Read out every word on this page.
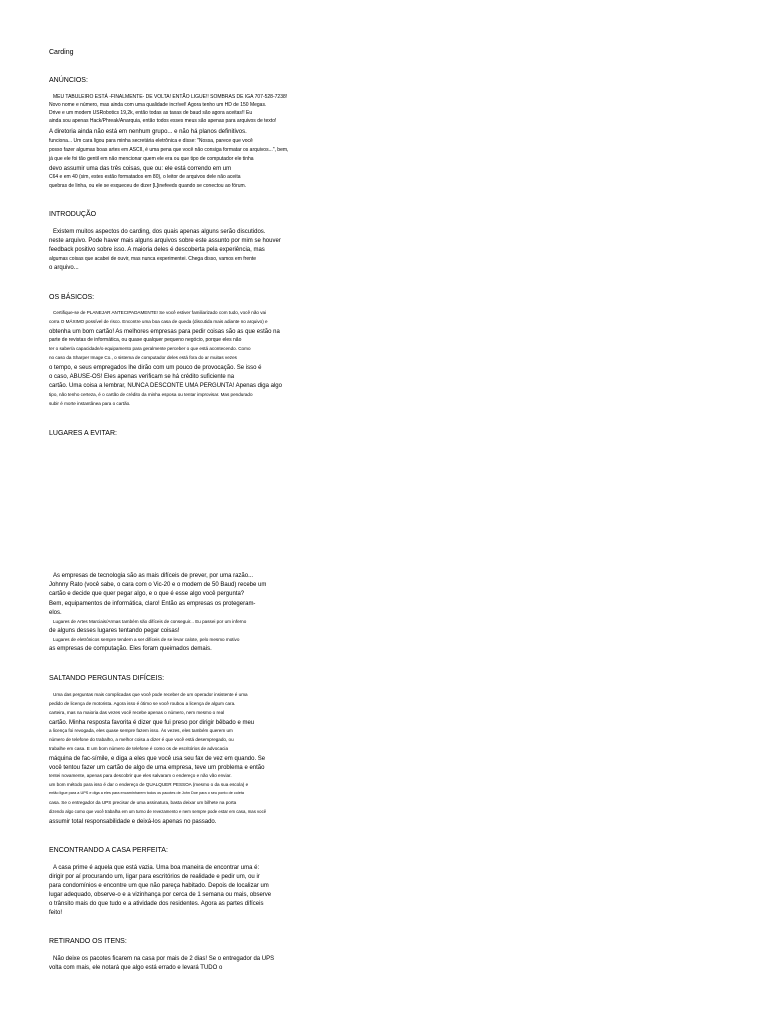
Carding
ANÚNCIOS:
MEU TABULEIRO ESTÁ -FINALMENTE- DE VOLTA! ENTÃO LIGUE!! SOMBRAS DE IGA 707-528-7238!
Novo nome e número, mas ainda com uma qualidade incrível! Agora tenho um HD de 150 Megas.
Drive e um modem USRobotics 19,2k, então todas as taxas de baud são agora aceitas!! Eu
ainda sou apenas Hack/Phreak/Anarquia, então todos esses meus são apenas para arquivos de texto!
A diretoria ainda não está em nenhum grupo... e não há planos definitivos.
funciona... Um cara ligou para minha secretária eletrônica e disse: "Nossa, parece que você
posso fazer algumas boas artes em ASCII, é uma pena que você não consiga formatar os arquivos...", bem,
já que ele foi tão gentil em não mencionar quem ele era ou que tipo de computador ele tinha
devo assumir uma das três coisas, que ou: ele está correndo em um
C64 e em 40 (sim, estes estão formatados em 80), o leitor de arquivos dele não aceita
quebras de linha, ou ele se esqueceu de dizer [L]inefeeds quando se conectou ao fórum.
INTRODUÇÃO
Existem muitos aspectos do carding, dos quais apenas alguns serão discutidos.
neste arquivo. Pode haver mais alguns arquivos sobre este assunto por mim se houver
feedback positivo sobre isso. A maioria deles é descoberta pela experiência, mas
algumas coisas que acabei de ouvir, mas nunca experimentei. Chega disso, vamos em frente
o arquivo...
OS BÁSICOS:
Certifique-se de PLANEJAR ANTECIPADAMENTE! Se você estiver familiarizado com tudo, você não vai
corra O MÁXIMO possível de risco. Encontre uma boa casa de queda (discutida mais adiante no arquivo) e
obtenha um bom cartão! As melhores empresas para pedir coisas são as que estão na
parte de revistas de informática, ou quase qualquer pequeno negócio, porque eles não
ter o saber/a capacidade/o equipamento para geralmente perceber o que está acontecendo. Como
no caso da Sharper Image Co., o sistema de computador deles está fora do ar muitas vezes
o tempo, e seus empregados lhe dirão com um pouco de provocação. Se isso é
o caso, ABUSE-OS! Eles apenas verificam se há crédito suficiente na
cartão. Uma coisa a lembrar, NUNCA DESCONTE UMA PERGUNTA! Apenas diga algo
tipo, não tenho certeza, é o cartão de crédito da minha esposa ou tentar improvisar. Mas pendurado
subir é morte instantânea para o cartão.
LUGARES A EVITAR:
As empresas de tecnologia são as mais difíceis de prever, por uma razão...
Johnny Rato (você sabe, o cara com o Vic-20 e o modem de 50 Baud) recebe um
cartão e decide que quer pegar algo, e o que é esse algo você pergunta?
Bem, equipamentos de informática, claro! Então as empresas os protegeram-
elos.
Lugares de Artes Marciais/Armas também são difíceis de conseguir... Eu passei por um inferno
de alguns desses lugares tentando pegar coisas!
Lugares de eletrônicos sempre tendem a ser difíceis de se levar calote, pelo mesmo motivo
as empresas de computação. Eles foram queimados demais.
SALTANDO PERGUNTAS DIFÍCEIS:
Uma das perguntas mais complicadas que você pode receber de um operador insistente é uma
pedido de licença de motorista. Agora isso é ótimo se você roubou a licença de algum cara.
carteira, mas na maioria das vezes você recebe apenas o número, nem mesmo o real
cartão. Minha resposta favorita é dizer que fui preso por dirigir bêbado e meu
a licença foi revogada, eles quase sempre fazem isso. Às vezes, eles também querem um
número de telefone do trabalho, a melhor coisa a dizer é que você está desempregado, ou
trabalhe em casa. E um bom número de telefone é como os de escritórios de advocacia
máquina de fac-símile, e diga a eles que você usa seu fax de vez em quando. Se
você tentou fazer um cartão de algo de uma empresa, teve um problema e então
tentei novamente, apenas para descobrir que eles salvaram o endereço e não vão enviar.
um bom método para isso é dar o endereço de QUALQUER PESSOA (mesmo o da sua escola) e
então ligue para a UPS e diga a eles para encaminharem todos os pacotes de John Doe para o seu ponto de coleta
casa. Se o entregador da UPS precisar de uma assinatura, basta deixar um bilhete na porta
dizendo algo como que você trabalha em um turno de revezamento e nem sempre pode estar em casa, mas você
assumir total responsabilidade e deixá-los apenas no passado.
ENCONTRANDO A CASA PERFEITA:
A casa prime é aquela que está vazia. Uma boa maneira de encontrar uma é:
dirigir por aí procurando um, ligar para escritórios de realidade e pedir um, ou ir
para condomínios e encontre um que não pareça habitado. Depois de localizar um
lugar adequado, observe-o e a vizinhança por cerca de 1 semana ou mais, observe
o trânsito mais do que tudo e a atividade dos residentes. Agora as partes difíceis
feito!
RETIRANDO OS ITENS:
Não deixe os pacotes ficarem na casa por mais de 2 dias! Se o entregador da UPS
volta com mais, ele notará que algo está errado e levará TUDO o
